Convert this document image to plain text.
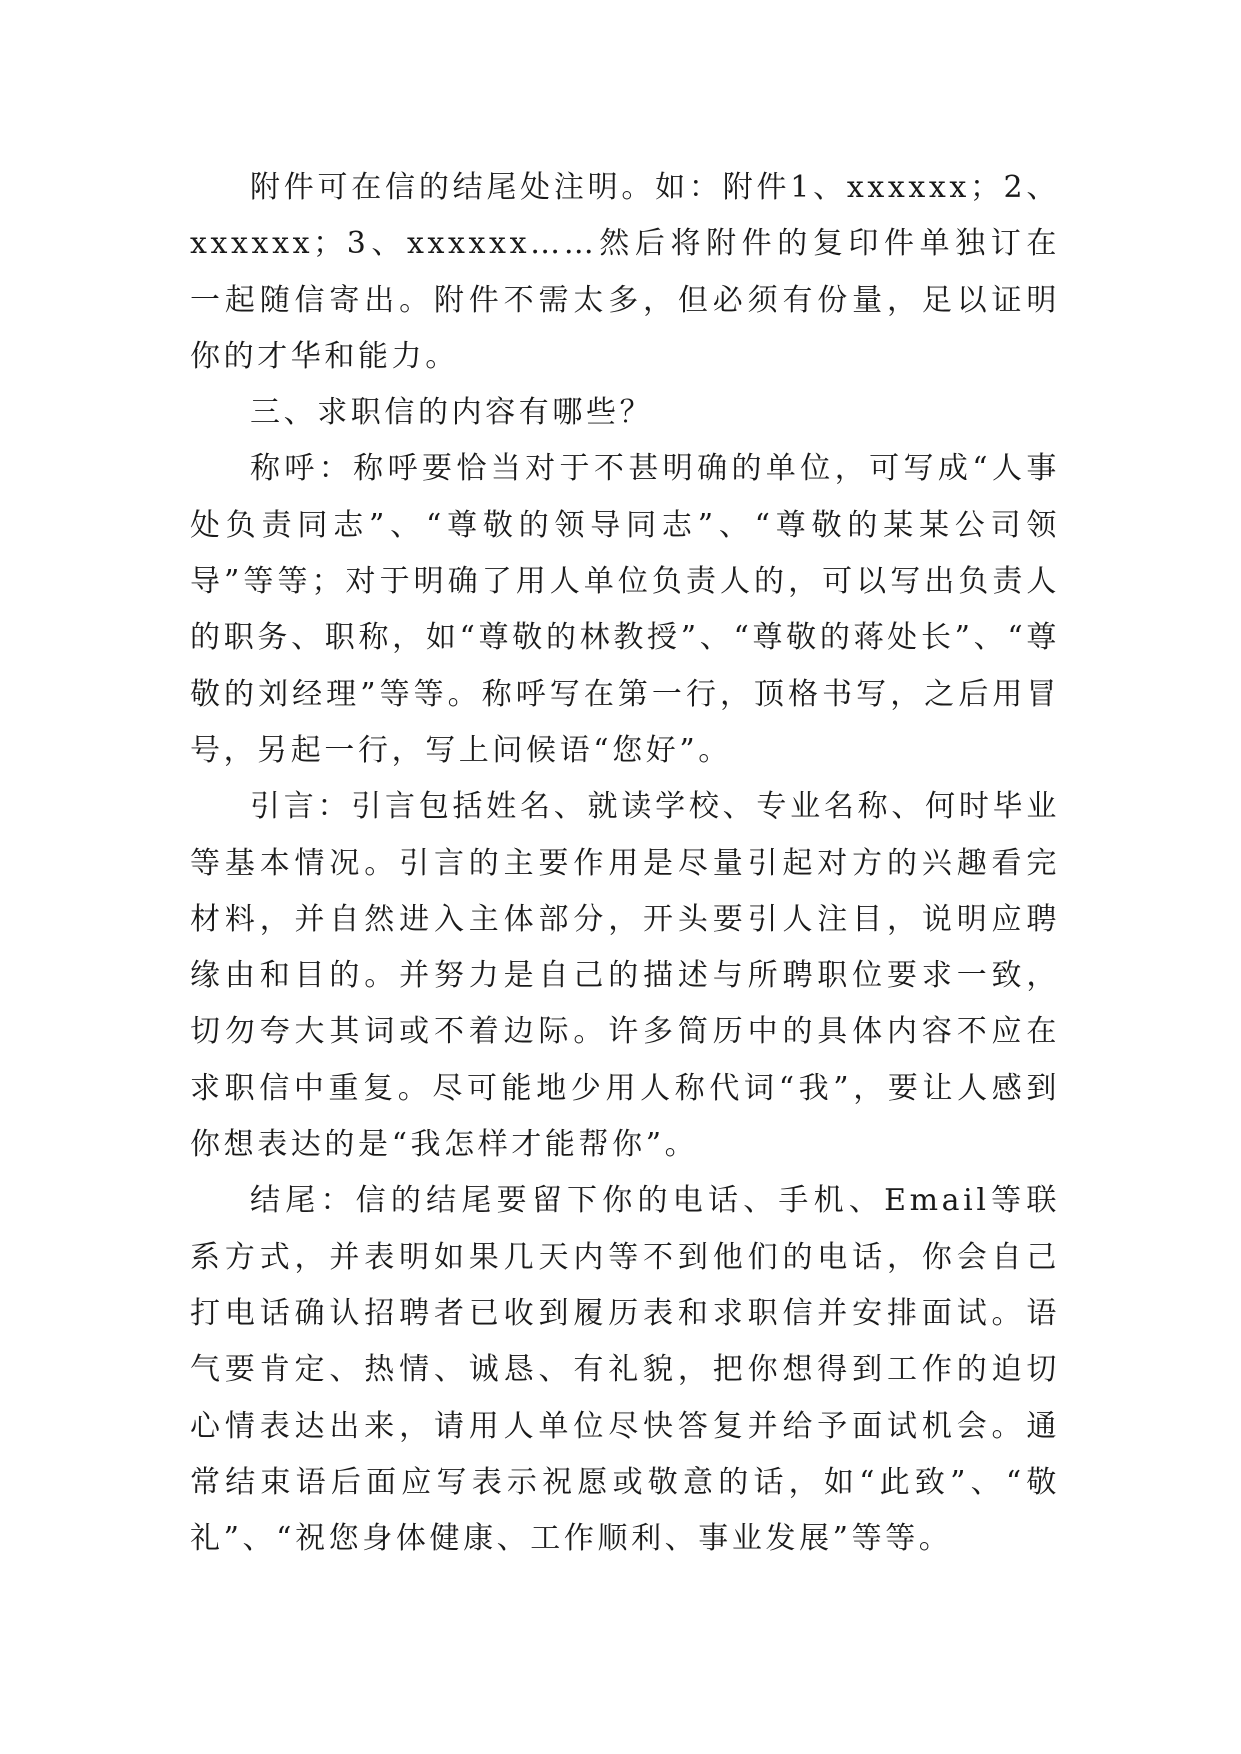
附件可在信的结尾处注明。如：附件1、xxxxxx；2、xxxxxx；3、xxxxxx……然后将附件的复印件单独订在一起随信寄出。附件不需太多，但必须有份量，足以证明你的才华和能力。

三、求职信的内容有哪些？

称呼：称呼要恰当对于不甚明确的单位，可写成“人事处负责同志”、“尊敬的领导同志”、“尊敬的某某公司领导”等等；对于明确了用人单位负责人的，可以写出负责人的职务、职称，如“尊敬的林教授”、“尊敬的蒋处长”、“尊敬的刘经理”等等。称呼写在第一行，顶格书写，之后用冒号，另起一行，写上问候语“您好”。

引言：引言包括姓名、就读学校、专业名称、何时毕业等基本情况。引言的主要作用是尽量引起对方的兴趣看完材料，并自然进入主体部分，开头要引人注目，说明应聘缘由和目的。并努力是自己的描述与所聘职位要求一致，切勿夸大其词或不着边际。许多简历中的具体内容不应在求职信中重复。尽可能地少用人称代词“我”，要让人感到你想表达的是“我怎样才能帮你”。

结尾：信的结尾要留下你的电话、手机、Email等联系方式，并表明如果几天内等不到他们的电话，你会自己打电话确认招聘者已收到履历表和求职信并安排面试。语气要肯定、热情、诚恳、有礼貌，把你想得到工作的迫切心情表达出来，请用人单位尽快答复并给予面试机会。通常结束语后面应写表示祝愿或敬意的话，如“此致”、“敬礼”、“祝您身体健康、工作顺利、事业发展”等等。
